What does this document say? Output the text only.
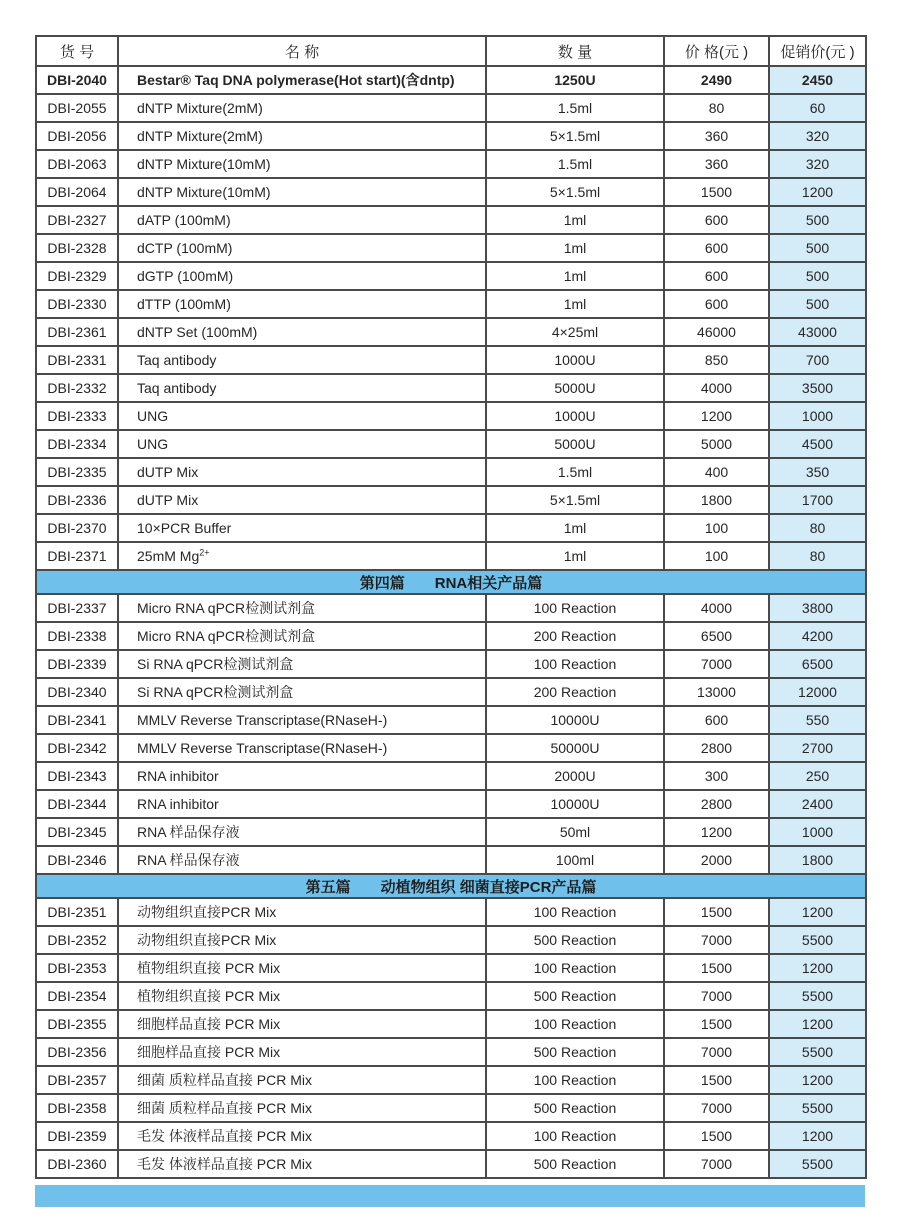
货 号	名 称	数 量	价 格(元 )	促销价(元 )
DBI-2040	Bestar® Taq DNA polymerase(Hot start)(含dntp)	1250U	2490	2450
DBI-2055	dNTP Mixture(2mM)	1.5ml	80	60
DBI-2056	dNTP Mixture(2mM)	5×1.5ml	360	320
DBI-2063	dNTP Mixture(10mM)	1.5ml	360	320
DBI-2064	dNTP Mixture(10mM)	5×1.5ml	1500	1200
DBI-2327	dATP (100mM)	1ml	600	500
DBI-2328	dCTP (100mM)	1ml	600	500
DBI-2329	dGTP (100mM)	1ml	600	500
DBI-2330	dTTP (100mM)	1ml	600	500
DBI-2361	dNTP Set (100mM)	4×25ml	46000	43000
DBI-2331	Taq antibody	1000U	850	700
DBI-2332	Taq antibody	5000U	4000	3500
DBI-2333	UNG	1000U	1200	1000
DBI-2334	UNG	5000U	5000	4500
DBI-2335	dUTP Mix	1.5ml	400	350
DBI-2336	dUTP Mix	5×1.5ml	1800	1700
DBI-2370	10×PCR Buffer	1ml	100	80
DBI-2371	25mM $Mg^{2+}$	1ml	100	80
第四篇　　RNA相关产品篇				
DBI-2337	Micro RNA qPCR检测试剂盒	100 Reaction	4000	3800
DBI-2338	Micro RNA qPCR检测试剂盒	200 Reaction	6500	4200
DBI-2339	Si RNA qPCR检测试剂盒	100 Reaction	7000	6500
DBI-2340	Si RNA qPCR检测试剂盒	200 Reaction	13000	12000
DBI-2341	MMLV Reverse Transcriptase(RNaseH-)	10000U	600	550
DBI-2342	MMLV Reverse Transcriptase(RNaseH-)	50000U	2800	2700
DBI-2343	RNA inhibitor	2000U	300	250
DBI-2344	RNA inhibitor	10000U	2800	2400
DBI-2345	RNA 样品保存液	50ml	1200	1000
DBI-2346	RNA 样品保存液	100ml	2000	1800
第五篇　　动植物组织 细菌直接PCR产品篇				
DBI-2351	动物组织直接PCR Mix	100 Reaction	1500	1200
DBI-2352	动物组织直接PCR Mix	500 Reaction	7000	5500
DBI-2353	植物组织直接 PCR Mix	100 Reaction	1500	1200
DBI-2354	植物组织直接 PCR Mix	500 Reaction	7000	5500
DBI-2355	细胞样品直接 PCR Mix	100 Reaction	1500	1200
DBI-2356	细胞样品直接 PCR Mix	500 Reaction	7000	5500
DBI-2357	细菌 质粒样品直接 PCR Mix	100 Reaction	1500	1200
DBI-2358	细菌 质粒样品直接 PCR Mix	500 Reaction	7000	5500
DBI-2359	毛发 体液样品直接 PCR Mix	100 Reaction	1500	1200
DBI-2360	毛发 体液样品直接 PCR Mix	500 Reaction	7000	5500
